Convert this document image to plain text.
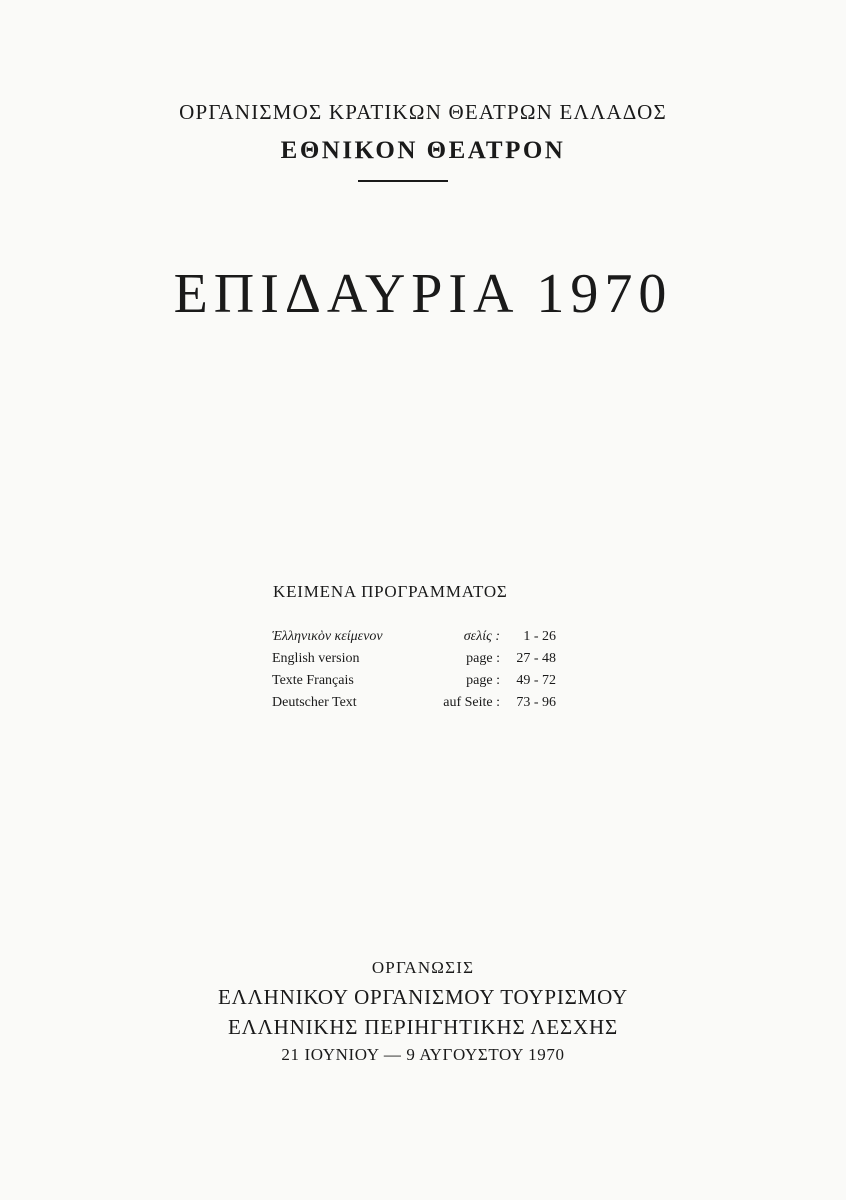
ΟΡΓΑΝΙΣΜΟΣ ΚΡΑΤΙΚΩΝ ΘΕΑΤΡΩΝ ΕΛΛΑΔΟΣ
ΕΘΝΙΚΟΝ ΘΕΑΤΡΟΝ
ΕΠΙΔΑΥΡΙΑ 1970
ΚΕΙΜΕΝΑ ΠΡΟΓΡΑΜΜΑΤΟΣ
Ἑλληνικὸν κείμενον	σελίς :	1 - 26
English version	page :	27 - 48
Texte Français	page :	49 - 72
Deutscher Text	auf Seite :	73 - 96
ΟΡΓΑΝΩΣΙΣ
ΕΛΛΗΝΙΚΟΥ ΟΡΓΑΝΙΣΜΟΥ ΤΟΥΡΙΣΜΟΥ
ΕΛΛΗΝΙΚΗΣ ΠΕΡΙΗΓΗΤΙΚΗΣ ΛΕΣΧΗΣ
21 ΙΟΥΝΙΟΥ — 9 ΑΥΓΟΥΣΤΟΥ 1970
